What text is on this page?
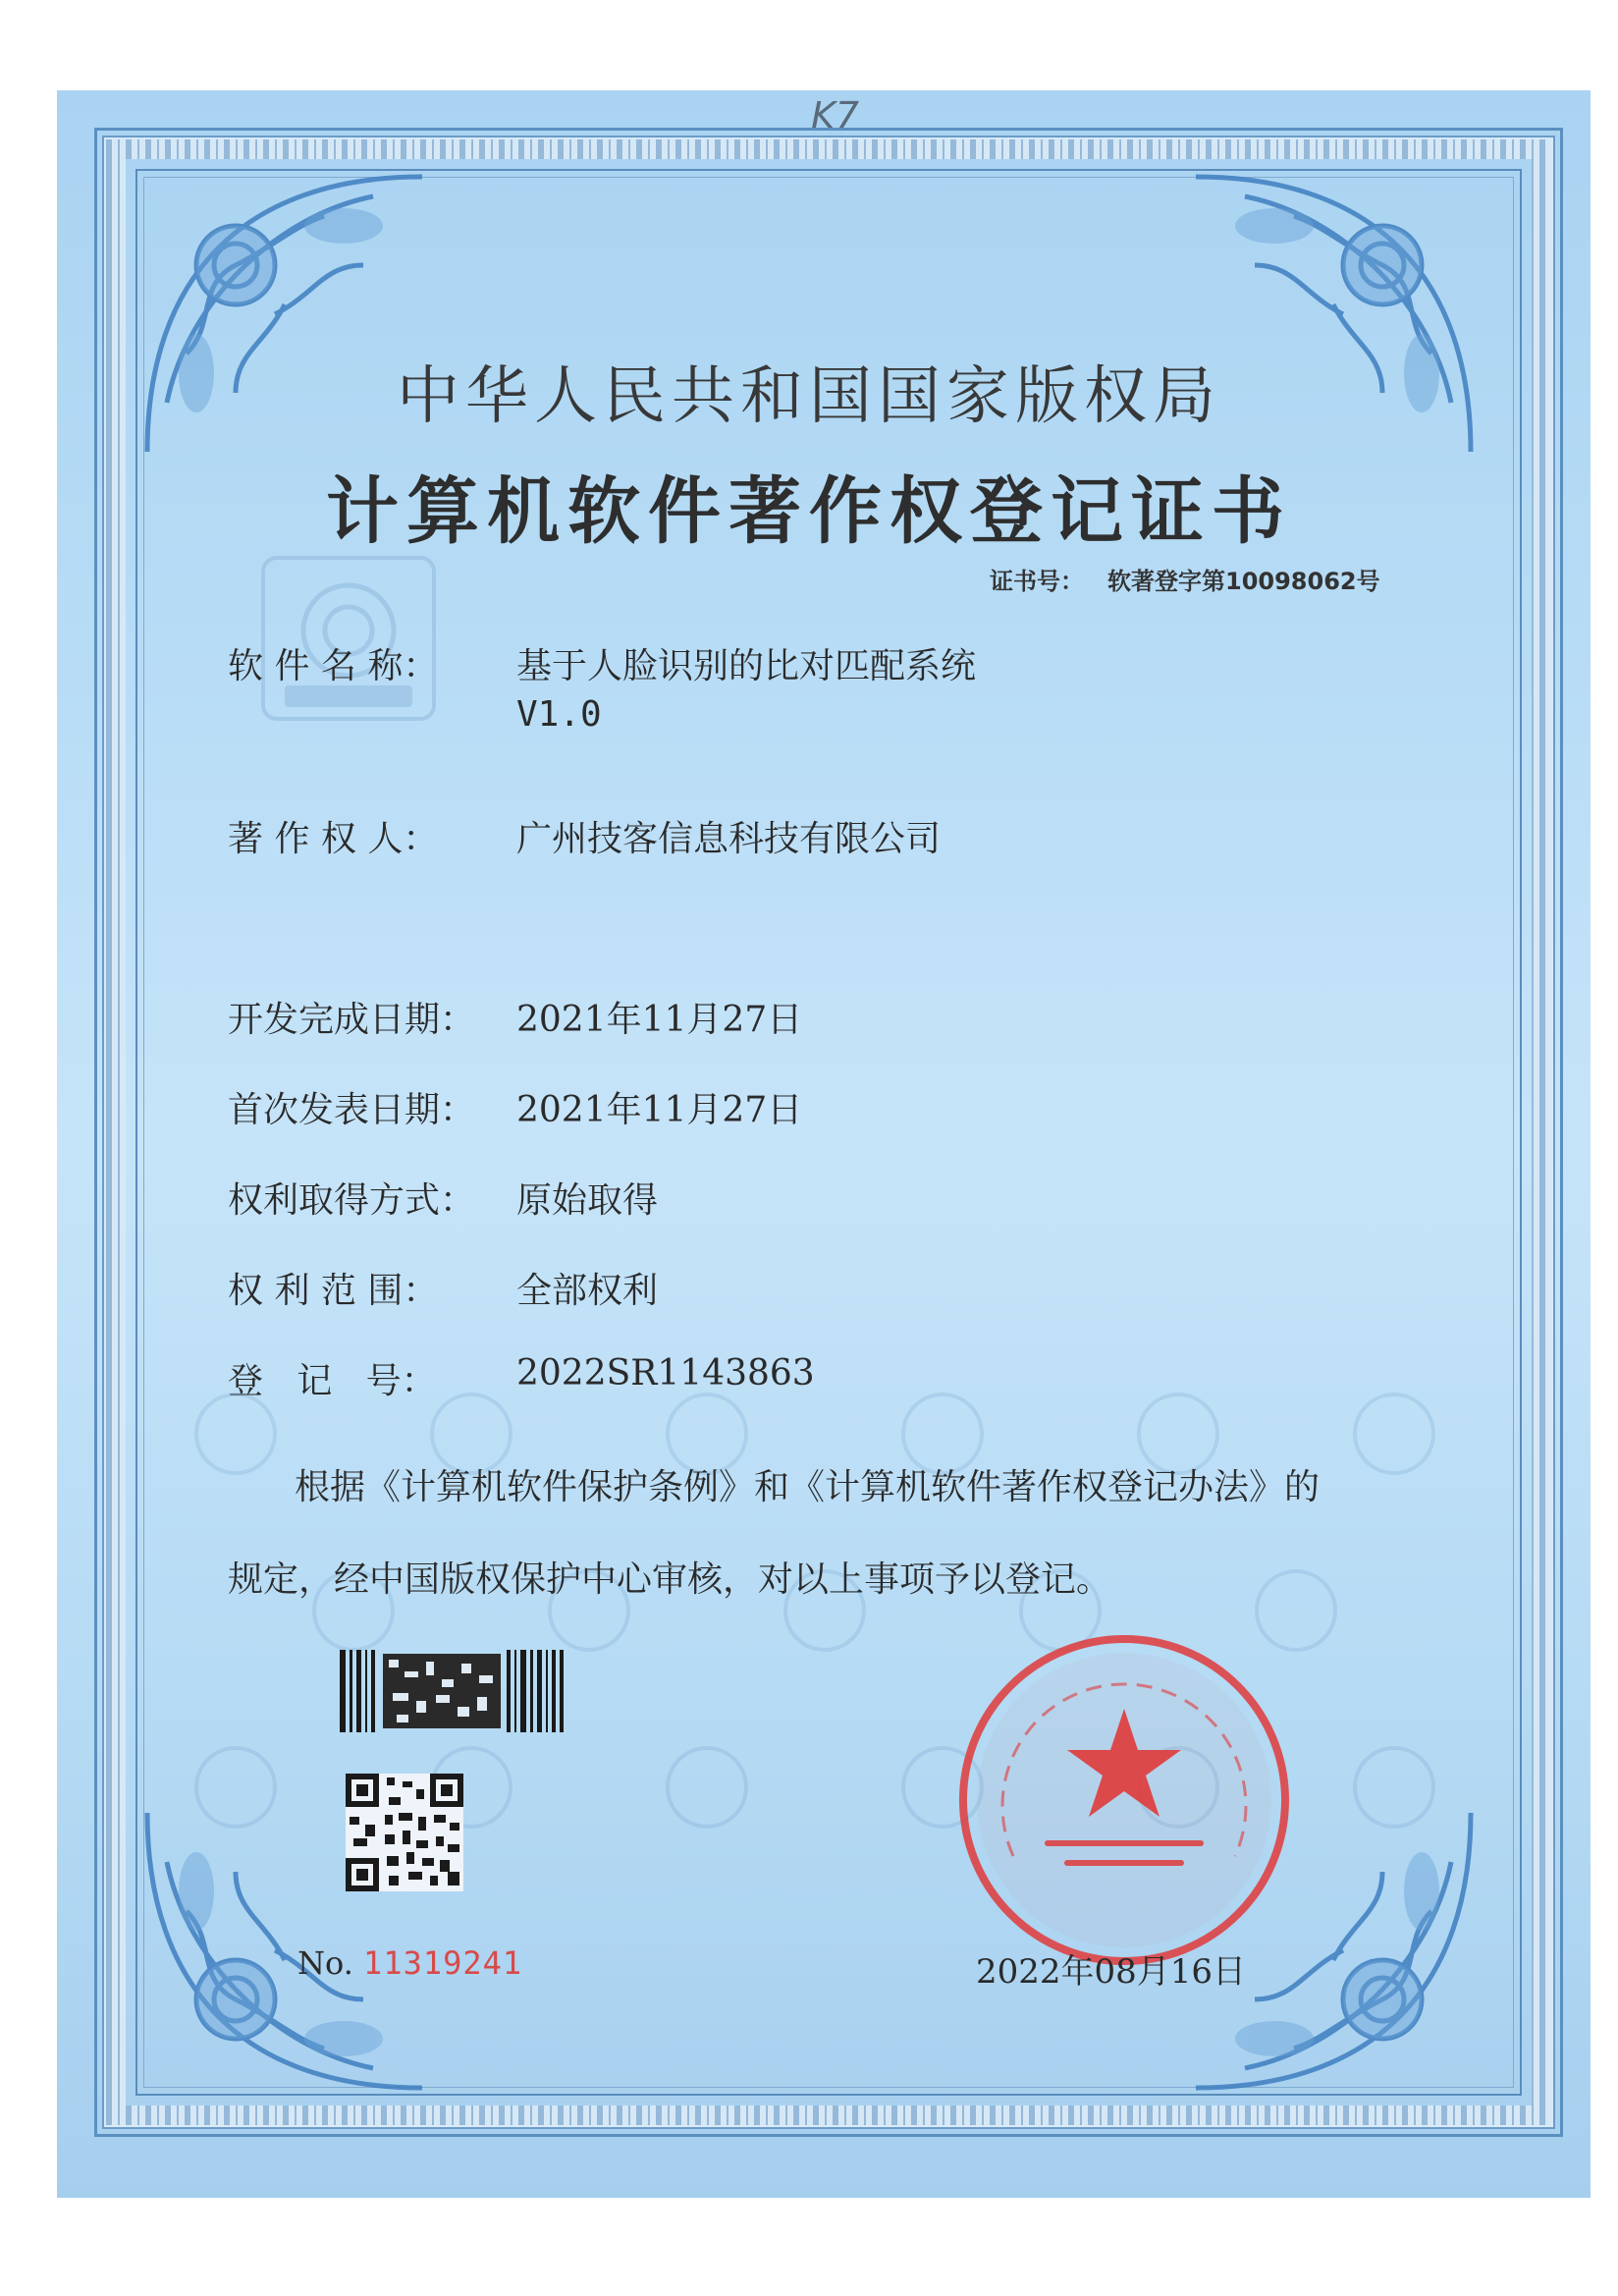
K7
中华人民共和国国家版权局
计算机软件著作权登记证书
证书号： 软著登字第10098062号
软 件 名 称： 基于人脸识别的比对匹配系统
V1.0
著 作 权 人： 广州技客信息科技有限公司
开发完成日期： 2021年11月27日
首次发表日期： 2021年11月27日
权利取得方式： 原始取得
权 利 范 围： 全部权利
登   记   号： 2022SR1143863
根据《计算机软件保护条例》和《计算机软件著作权登记办法》的
规定，经中国版权保护中心审核，对以上事项予以登记。
No. 11319241	2022年08月16日
